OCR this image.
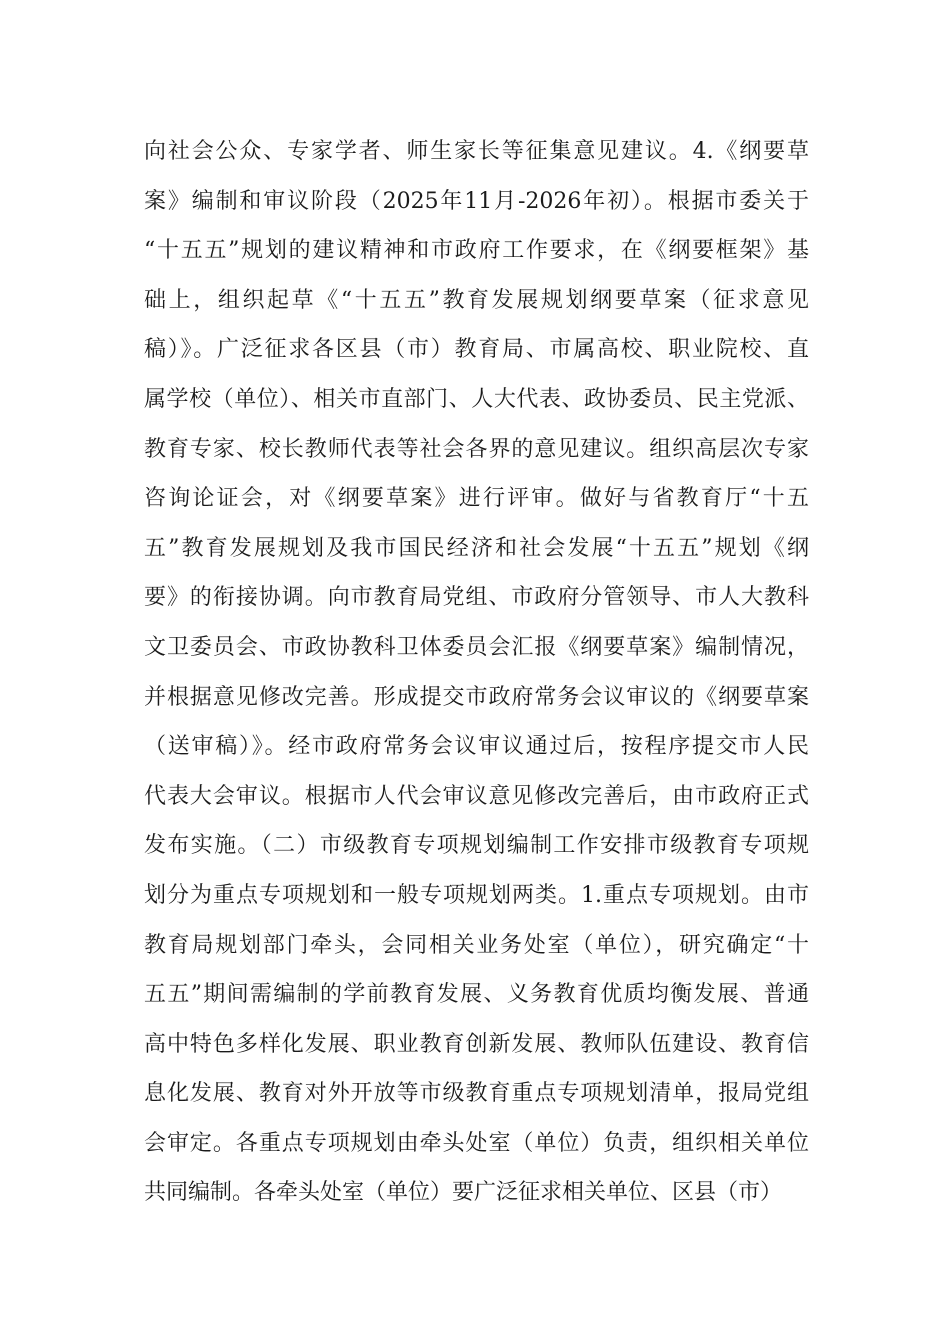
向社会公众、专家学者、师生家长等征集意见建议。4.《纲要草
案》编制和审议阶段（2025年11月-2026年初）。根据市委关于
“十五五”规划的建议精神和市政府工作要求，在《纲要框架》基
础上，组织起草《“十五五”教育发展规划纲要草案（征求意见
稿）》。广泛征求各区县（市）教育局、市属高校、职业院校、直
属学校（单位）、相关市直部门、人大代表、政协委员、民主党派、
教育专家、校长教师代表等社会各界的意见建议。组织高层次专家
咨询论证会，对《纲要草案》进行评审。做好与省教育厅“十五
五”教育发展规划及我市国民经济和社会发展“十五五”规划《纲
要》的衔接协调。向市教育局党组、市政府分管领导、市人大教科
文卫委员会、市政协教科卫体委员会汇报《纲要草案》编制情况，
并根据意见修改完善。形成提交市政府常务会议审议的《纲要草案
（送审稿）》。经市政府常务会议审议通过后，按程序提交市人民
代表大会审议。根据市人代会审议意见修改完善后，由市政府正式
发布实施。（二）市级教育专项规划编制工作安排市级教育专项规
划分为重点专项规划和一般专项规划两类。1.重点专项规划。由市
教育局规划部门牵头，会同相关业务处室（单位），研究确定“十
五五”期间需编制的学前教育发展、义务教育优质均衡发展、普通
高中特色多样化发展、职业教育创新发展、教师队伍建设、教育信
息化发展、教育对外开放等市级教育重点专项规划清单，报局党组
会审定。各重点专项规划由牵头处室（单位）负责，组织相关单位
共同编制。各牵头处室（单位）要广泛征求相关单位、区县（市）
